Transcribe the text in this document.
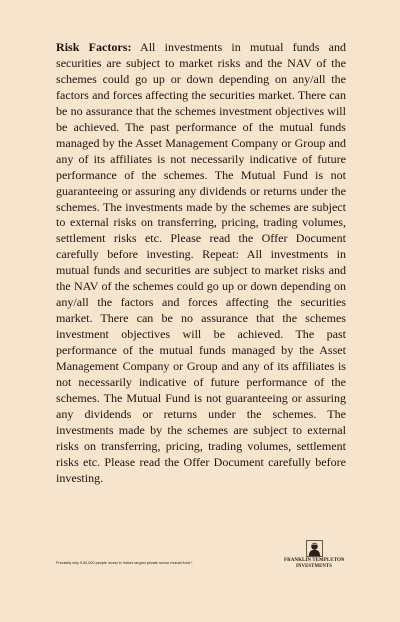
Risk Factors: All investments in mutual funds and securities are subject to market risks and the NAV of the schemes could go up or down depending on any/all the factors and forces affecting the securities market. There can be no assurance that the schemes investment objectives will be achieved. The past performance of the mutual funds managed by the Asset Management Company or Group and any of its affiliates is not necessarily indicative of future performance of the schemes. The Mutual Fund is not guaranteeing or assuring any dividends or returns under the schemes. The investments made by the schemes are subject to external risks on transferring, pricing, trading volumes, settlement risks etc. Please read the Offer Document carefully before investing. Repeat: All investments in mutual funds and securities are subject to market risks and the NAV of the schemes could go up or down depending on any/all the factors and forces affecting the securities market. There can be no assurance that the schemes investment objectives will be achieved. The past performance of the mutual funds managed by the Asset Management Company or Group and any of its affiliates is not necessarily indicative of future performance of the schemes. The Mutual Fund is not guaranteeing or assuring any dividends or returns under the schemes. The investments made by the schemes are subject to external risks on transferring, pricing, trading volumes, settlement risks etc. Please read the Offer Document carefully before investing.

Precisely why 9,00,000 people invest in India's largest private sector mutual fund.*	FRANKLIN TEMPLETON
INVESTMENTS
